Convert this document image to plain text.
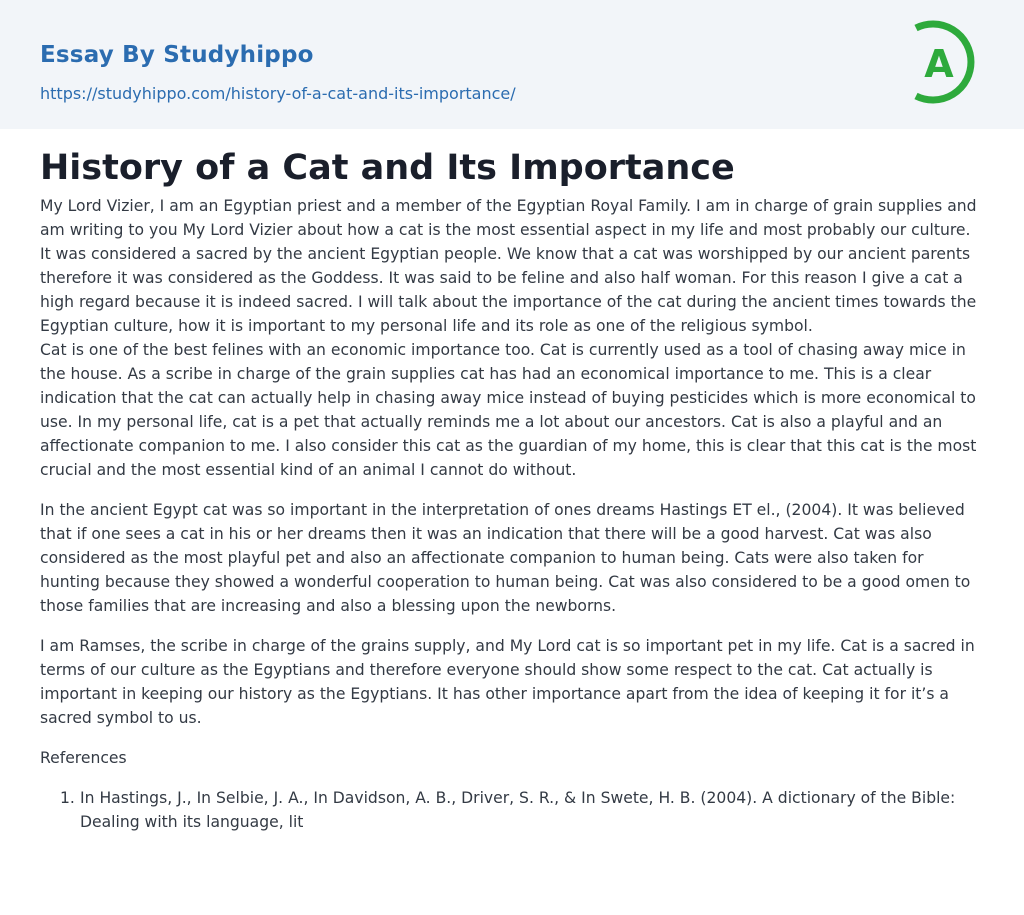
Essay By Studyhippo
https://studyhippo.com/history-of-a-cat-and-its-importance/
A
History of a Cat and Its Importance

My Lord Vizier, I am an Egyptian priest and a member of the Egyptian Royal Family. I am in charge of grain supplies and am writing to you My Lord Vizier about how a cat is the most essential aspect in my life and most probably our culture. It was considered a sacred by the ancient Egyptian people. We know that a cat was worshipped by our ancient parents therefore it was considered as the Goddess. It was said to be feline and also half woman. For this reason I give a cat a high regard because it is indeed sacred. I will talk about the importance of the cat during the ancient times towards the Egyptian culture, how it is important to my personal life and its role as one of the religious symbol.

Cat is one of the best felines with an economic importance too. Cat is currently used as a tool of chasing away mice in the house. As a scribe in charge of the grain supplies cat has had an economical importance to me. This is a clear indication that the cat can actually help in chasing away mice instead of buying pesticides which is more economical to use. In my personal life, cat is a pet that actually reminds me a lot about our ancestors. Cat is also a playful and an affectionate companion to me. I also consider this cat as the guardian of my home, this is clear that this cat is the most crucial and the most essential kind of an animal I cannot do without.

In the ancient Egypt cat was so important in the interpretation of ones dreams Hastings ET el., (2004). It was believed that if one sees a cat in his or her dreams then it was an indication that there will be a good harvest. Cat was also considered as the most playful pet and also an affectionate companion to human being. Cats were also taken for hunting because they showed a wonderful cooperation to human being. Cat was also considered to be a good omen to those families that are increasing and also a blessing upon the newborns.

I am Ramses, the scribe in charge of the grains supply, and My Lord cat is so important pet in my life. Cat is a sacred in terms of our culture as the Egyptians and therefore everyone should show some respect to the cat. Cat actually is important in keeping our history as the Egyptians. It has other importance apart from the idea of keeping it for it’s a sacred symbol to us.

References

1. In Hastings, J., In Selbie, J. A., In Davidson, A. B., Driver, S. R., & In Swete, H. B. (2004). A dictionary of the Bible: Dealing with its language, lit
